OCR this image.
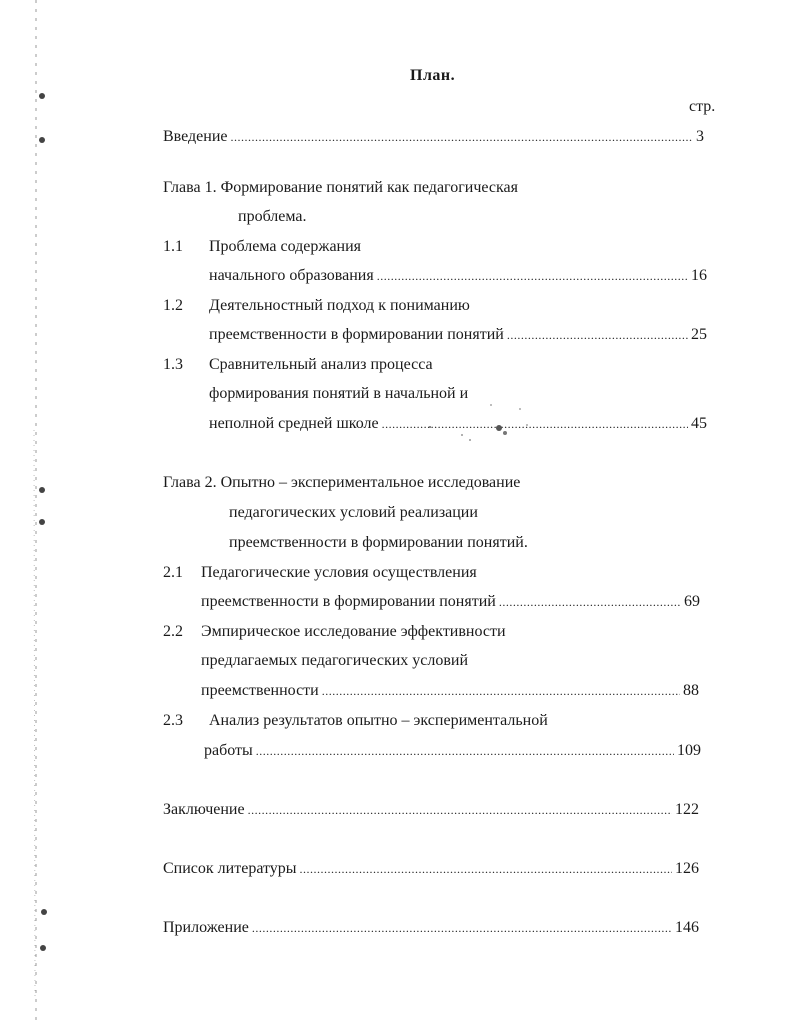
План.
стр.
Введение .....	3
Глава 1. Формирование понятий как педагогическая
проблема.
1.1 Проблема содержания
начального образования .....	16
1.2 Деятельностный подход к пониманию
преемственности в формировании понятий .....	25
1.3 Сравнительный анализ процесса
формирования понятий в начальной и
неполной средней школе .....	45
Глава 2. Опытно – экспериментальное исследование
педагогических условий реализации
преемственности в формировании понятий.
2.1 Педагогические условия осуществления
преемственности в формировании понятий .....	69
2.2 Эмпирическое исследование эффективности
предлагаемых педагогических условий
преемственности .....	88
2.3 Анализ результатов опытно – экспериментальной
работы .....	109
Заключение .....	122
Список литературы .....	126
Приложение .....	146
